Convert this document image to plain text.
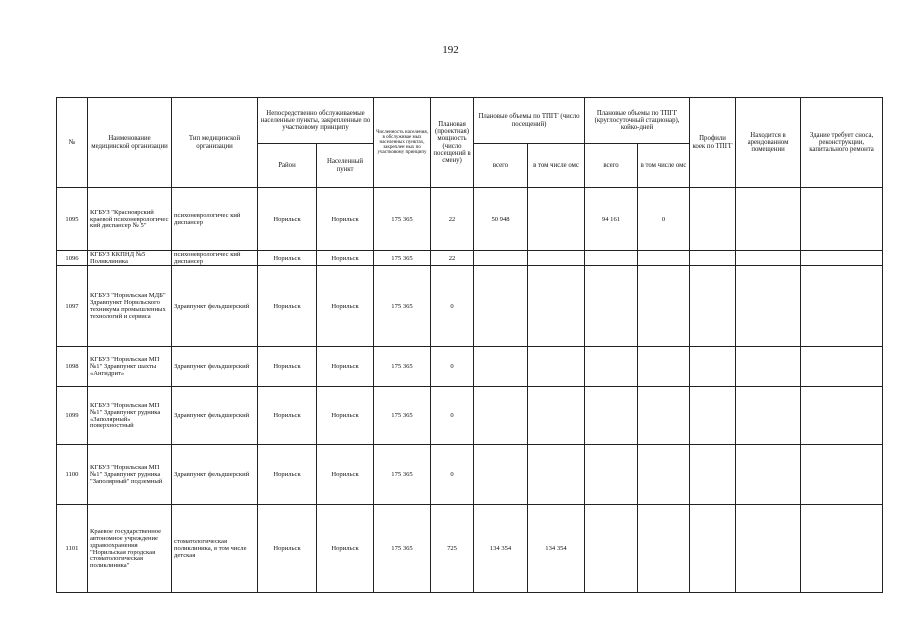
192
№	Наименование медицинской организации	Тип медицинской организации	Непосредственно обслуживаемые населенные пункты, закрепленные по участковому принципу		Численность населения, в обслуживае мых населенных пунктах, закреплен ных по участковому принципу	Плановая (проектная) мощность (число посещений в смену)	Плановые объемы по ТПГГ (число посещений)		Плановые объемы по ТПГГ (круглосуточный стационар), койко-дней		Профили коек по ТПГГ	Находится в арендованном помещении	Здание требует сноса, реконструкции, капитального ремонта
			Район	Населенный пункт			всего	в том числе омс	всего	в том числе омс			
1095	КГБУЗ "Красноярский краевой психоневрологичес кий диспансер № 5"	психоневрологичес кий диспансер	Норильск	Норильск	175 365	22	50 948		94 161	0			
1096	КГБУЗ ККПНД №5 Поликлиника	психоневрологичес кий диспансер	Норильск	Норильск	175 365	22							
1097	КГБУЗ "Норильская МДБ" Здравпункт Норильского техникума промышленных технологий и сервиса	Здравпункт фельдшерский	Норильск	Норильск	175 365	0							
1098	КГБУЗ "Норильская МП №1" Здравпункт шахты «Ангидрит»	Здравпункт фельдшерский	Норильск	Норильск	175 365	0							
1099	КГБУЗ "Норильская МП №1" Здравпункт рудника «Заполярный» поверхностный	Здравпункт фельдшерский	Норильск	Норильск	175 365	0							
1100	КГБУЗ "Норильская МП №1" Здравпункт рудника "Заполярный" подземный	Здравпункт фельдшерский	Норильск	Норильск	175 365	0							
1101	Краевое государственное автономное учреждение здравоохранения "Норильская городская стоматологическая поликлиника"	стоматологическая поликлиника, в том числе детская	Норильск	Норильск	175 365	725	134 354	134 354					
